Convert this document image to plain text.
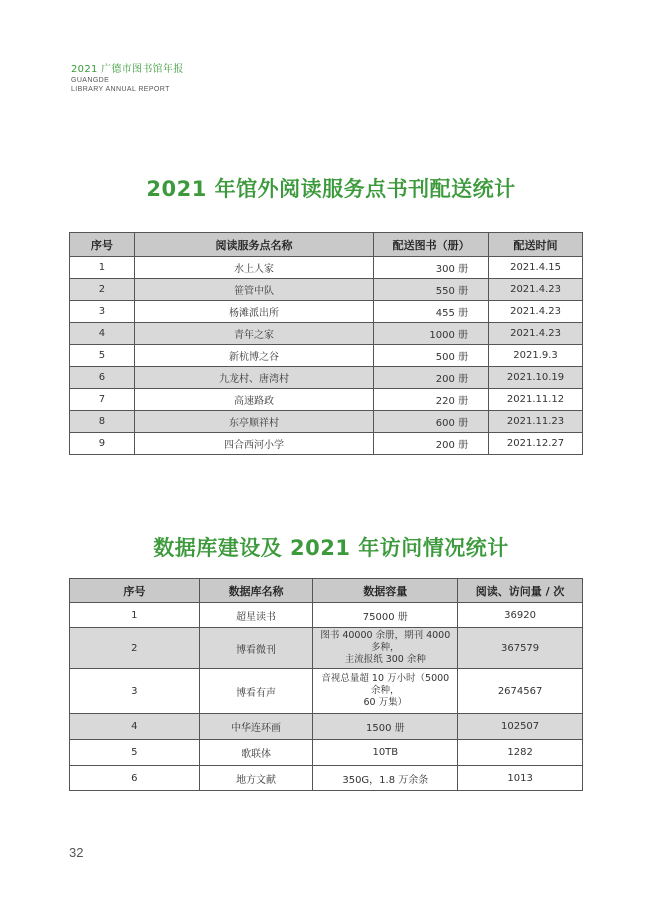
2021 广德市图书馆年报
GUANGDE
LIBRARY ANNUAL REPORT
2021 年馆外阅读服务点书刊配送统计
序号	阅读服务点名称	配送图书（册）	配送时间
1	水上人家	300 册	2021.4.15
2	笹管中队	550 册	2021.4.23
3	杨滩派出所	455 册	2021.4.23
4	青年之家	1000 册	2021.4.23
5	新杭博之谷	500 册	2021.9.3
6	九龙村、唐湾村	200 册	2021.10.19
7	高速路政	220 册	2021.11.12
8	东亭顺祥村	600 册	2021.11.23
9	四合西河小学	200 册	2021.12.27
数据库建设及 2021 年访问情况统计
序号	数据库名称	数据容量	阅读、访问量 / 次
1	超星读书	75000 册	36920
2	博看微刊	图书 40000 余册，期刊 4000 多种，
主流报纸 300 余种	367579
3	博看有声	音视总量超 10 万小时（5000 余种，
60 万集）	2674567
4	中华连环画	1500 册	102507
5	歌联体	10TB	1282
6	地方文献	350G，1.8 万余条	1013
32
